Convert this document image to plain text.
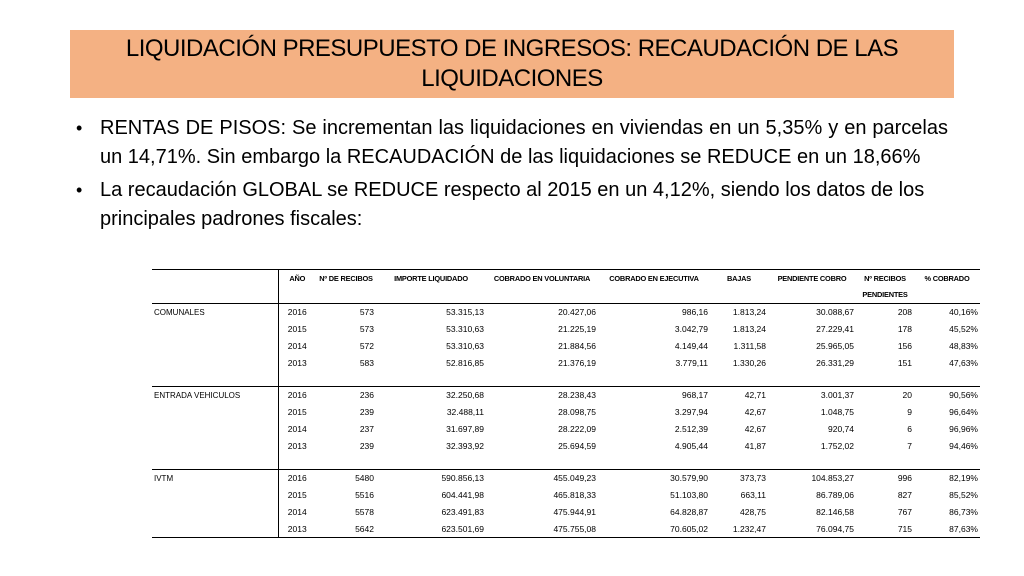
LIQUIDACIÓN PRESUPUESTO DE INGRESOS: RECAUDACIÓN DE LAS LIQUIDACIONES
• RENTAS DE PISOS: Se incrementan las liquidaciones en viviendas en un 5,35% y en parcelas un 14,71%. Sin embargo la RECAUDACIÓN de las liquidaciones se REDUCE en un 18,66%
• La recaudación GLOBAL se REDUCE respecto al 2015 en un 4,12%, siendo los datos de los principales padrones fiscales:
	AÑO	Nº DE RECIBOS	IMPORTE LIQUIDADO	COBRADO EN VOLUNTARIA	COBRADO EN EJECUTIVA	BAJAS	PENDIENTE COBRO	Nº RECIBOS	% COBRADO
								PENDIENTES	
COMUNALES	2016	573	53.315,13	20.427,06	986,16	1.813,24	30.088,67	208	40,16%
	2015	573	53.310,63	21.225,19	3.042,79	1.813,24	27.229,41	178	45,52%
	2014	572	53.310,63	21.884,56	4.149,44	1.311,58	25.965,05	156	48,83%
	2013	583	52.816,85	21.376,19	3.779,11	1.330,26	26.331,29	151	47,63%

ENTRADA VEHICULOS	2016	236	32.250,68	28.238,43	968,17	42,71	3.001,37	20	90,56%
	2015	239	32.488,11	28.098,75	3.297,94	42,67	1.048,75	9	96,64%
	2014	237	31.697,89	28.222,09	2.512,39	42,67	920,74	6	96,96%
	2013	239	32.393,92	25.694,59	4.905,44	41,87	1.752,02	7	94,46%

IVTM	2016	5480	590.856,13	455.049,23	30.579,90	373,73	104.853,27	996	82,19%
	2015	5516	604.441,98	465.818,33	51.103,80	663,11	86.789,06	827	85,52%
	2014	5578	623.491,83	475.944,91	64.828,87	428,75	82.146,58	767	86,73%
	2013	5642	623.501,69	475.755,08	70.605,02	1.232,47	76.094,75	715	87,63%
